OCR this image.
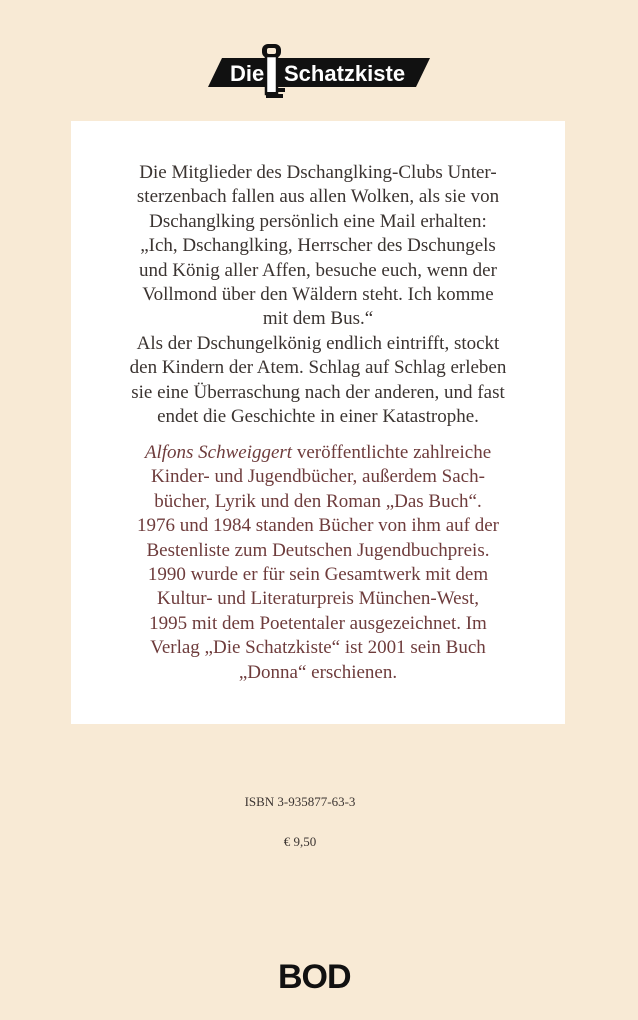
Die Schatzkiste

Die Mitglieder des Dschanglking-Clubs Unter-
sterzenbach fallen aus allen Wolken, als sie von
Dschanglking persönlich eine Mail erhalten:
„Ich, Dschanglking, Herrscher des Dschungels
und König aller Affen, besuche euch, wenn der
Vollmond über den Wäldern steht. Ich komme
mit dem Bus.“
Als der Dschungelkönig endlich eintrifft, stockt
den Kindern der Atem. Schlag auf Schlag erleben
sie eine Überraschung nach der anderen, und fast
endet die Geschichte in einer Katastrophe.

Alfons Schweiggert veröffentlichte zahlreiche
Kinder- und Jugendbücher, außerdem Sach-
bücher, Lyrik und den Roman „Das Buch“.
1976 und 1984 standen Bücher von ihm auf der
Bestenliste zum Deutschen Jugendbuchpreis.
1990 wurde er für sein Gesamtwerk mit dem
Kultur- und Literaturpreis München-West,
1995 mit dem Poetentaler ausgezeichnet. Im
Verlag „Die Schatzkiste“ ist 2001 sein Buch
„Donna“ erschienen.

ISBN 3-935877-63-3
€ 9,50
BOD
